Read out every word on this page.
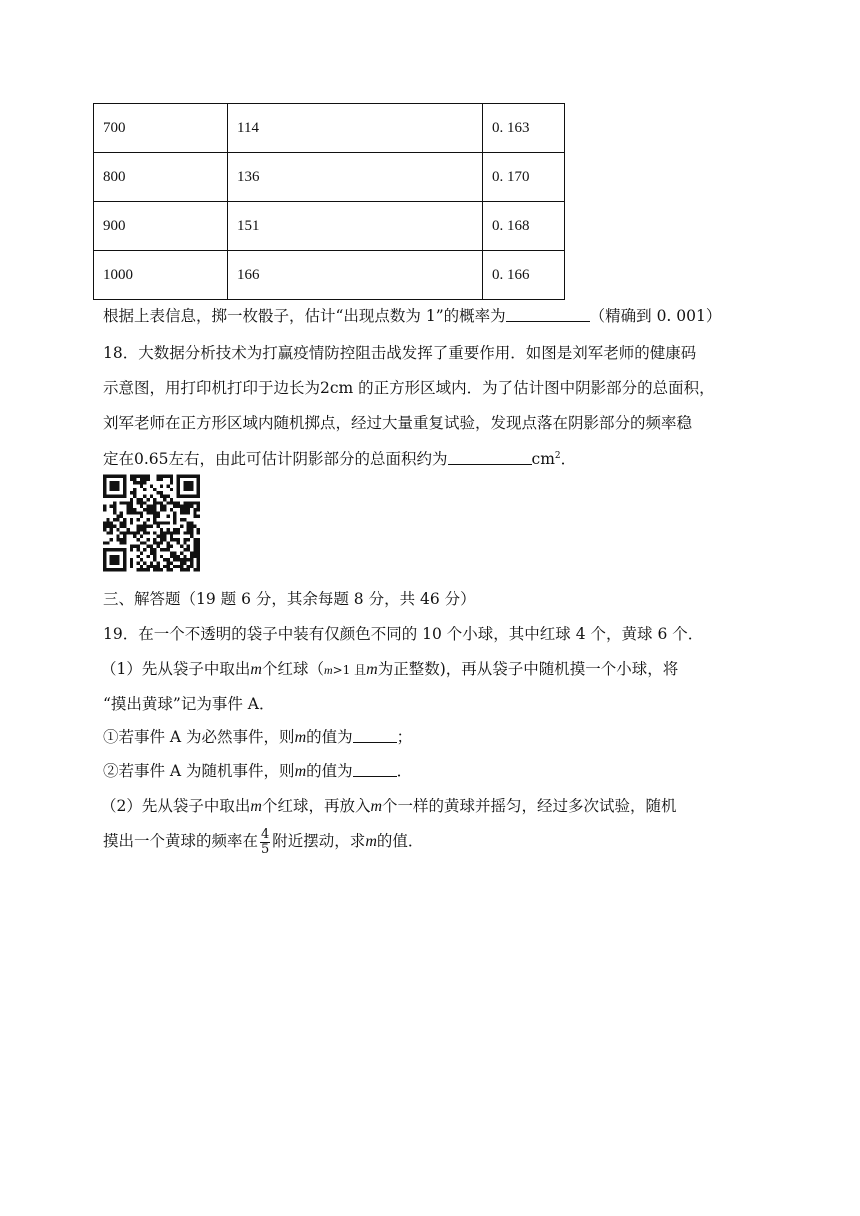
700	114	0. 163
800	136	0. 170
900	151	0. 168
1000	166	0. 166
根据上表信息，掷一枚骰子，估计“出现点数为 1”的概率为	（精确到 0. 001）
18．大数据分析技术为打赢疫情防控阻击战发挥了重要作用．如图是刘军老师的健康码
示意图，用打印机打印于边长为2cm 的正方形区域内．为了估计图中阴影部分的总面积，
刘军老师在正方形区域内随机掷点，经过大量重复试验，发现点落在阴影部分的频率稳
定在0.65左右，由此可估计阴影部分的总面积约为	$cm^2$．
三、解答题（19 题 6 分，其余每题 8 分，共 46 分）
19．在一个不透明的袋子中装有仅颜色不同的 10 个小球，其中红球 4 个，黄球 6 个．
（1）先从袋子中取出m个红球（m>1 且m为正整数)，再从袋子中随机摸一个小球，将
“摸出黄球”记为事件 A．
①若事件 A 为必然事件，则m的值为	；
②若事件 A 为随机事件，则m的值为	．
（2）先从袋子中取出m个红球，再放入m个一样的黄球并摇匀，经过多次试验，随机
摸出一个黄球的频率在 $\frac{4}{5}$ 附近摆动，求m的值．
